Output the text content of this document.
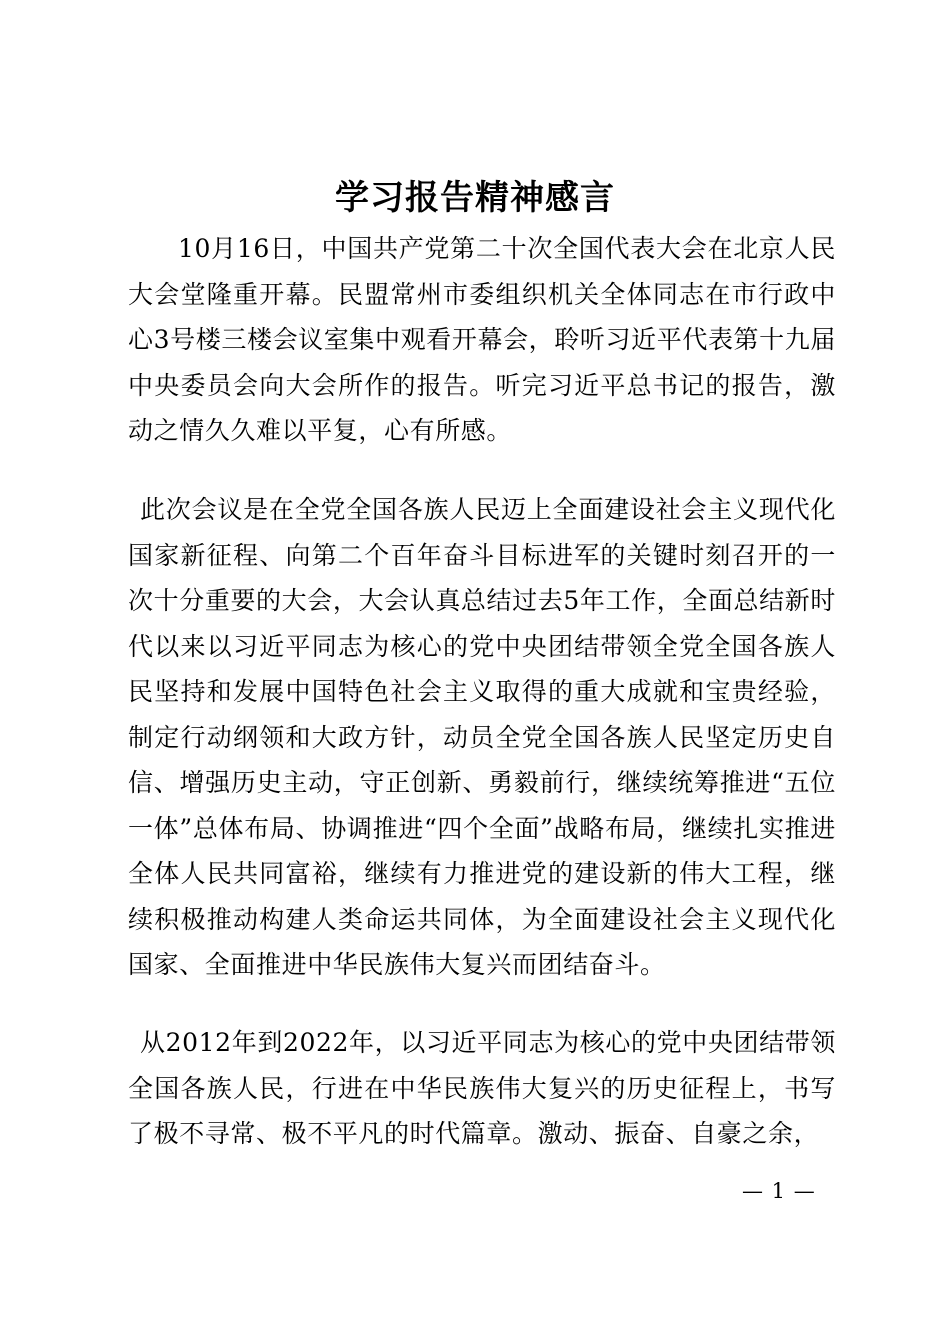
学习报告精神感言

10月16日，中国共产党第二十次全国代表大会在北京人民大会堂隆重开幕。民盟常州市委组织机关全体同志在市行政中心3号楼三楼会议室集中观看开幕会，聆听习近平代表第十九届中央委员会向大会所作的报告。听完习近平总书记的报告，激动之情久久难以平复，心有所感。

此次会议是在全党全国各族人民迈上全面建设社会主义现代化国家新征程、向第二个百年奋斗目标进军的关键时刻召开的一次十分重要的大会，大会认真总结过去5年工作，全面总结新时代以来以习近平同志为核心的党中央团结带领全党全国各族人民坚持和发展中国特色社会主义取得的重大成就和宝贵经验，制定行动纲领和大政方针，动员全党全国各族人民坚定历史自信、增强历史主动，守正创新、勇毅前行，继续统筹推进“五位一体”总体布局、协调推进“四个全面”战略布局，继续扎实推进全体人民共同富裕，继续有力推进党的建设新的伟大工程，继续积极推动构建人类命运共同体，为全面建设社会主义现代化国家、全面推进中华民族伟大复兴而团结奋斗。

从2012年到2022年，以习近平同志为核心的党中央团结带领全国各族人民，行进在中华民族伟大复兴的历史征程上，书写了极不寻常、极不平凡的时代篇章。激动、振奋、自豪之余，

— 1 —
